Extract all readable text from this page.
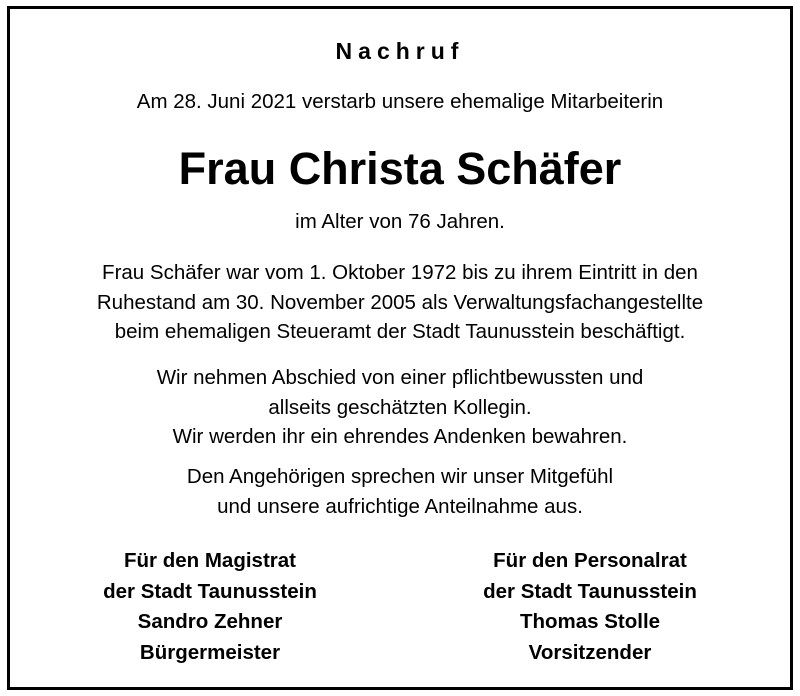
Nachruf
Am 28. Juni 2021 verstarb unsere ehemalige Mitarbeiterin
Frau Christa Schäfer
im Alter von 76 Jahren.
Frau Schäfer war vom 1. Oktober 1972 bis zu ihrem Eintritt in den
Ruhestand am 30. November 2005 als Verwaltungsfachangestellte
beim ehemaligen Steueramt der Stadt Taunusstein beschäftigt.
Wir nehmen Abschied von einer pflichtbewussten und
allseits geschätzten Kollegin.
Wir werden ihr ein ehrendes Andenken bewahren.
Den Angehörigen sprechen wir unser Mitgefühl
und unsere aufrichtige Anteilnahme aus.
Für den Magistrat
der Stadt Taunusstein
Sandro Zehner
Bürgermeister
Für den Personalrat
der Stadt Taunusstein
Thomas Stolle
Vorsitzender
